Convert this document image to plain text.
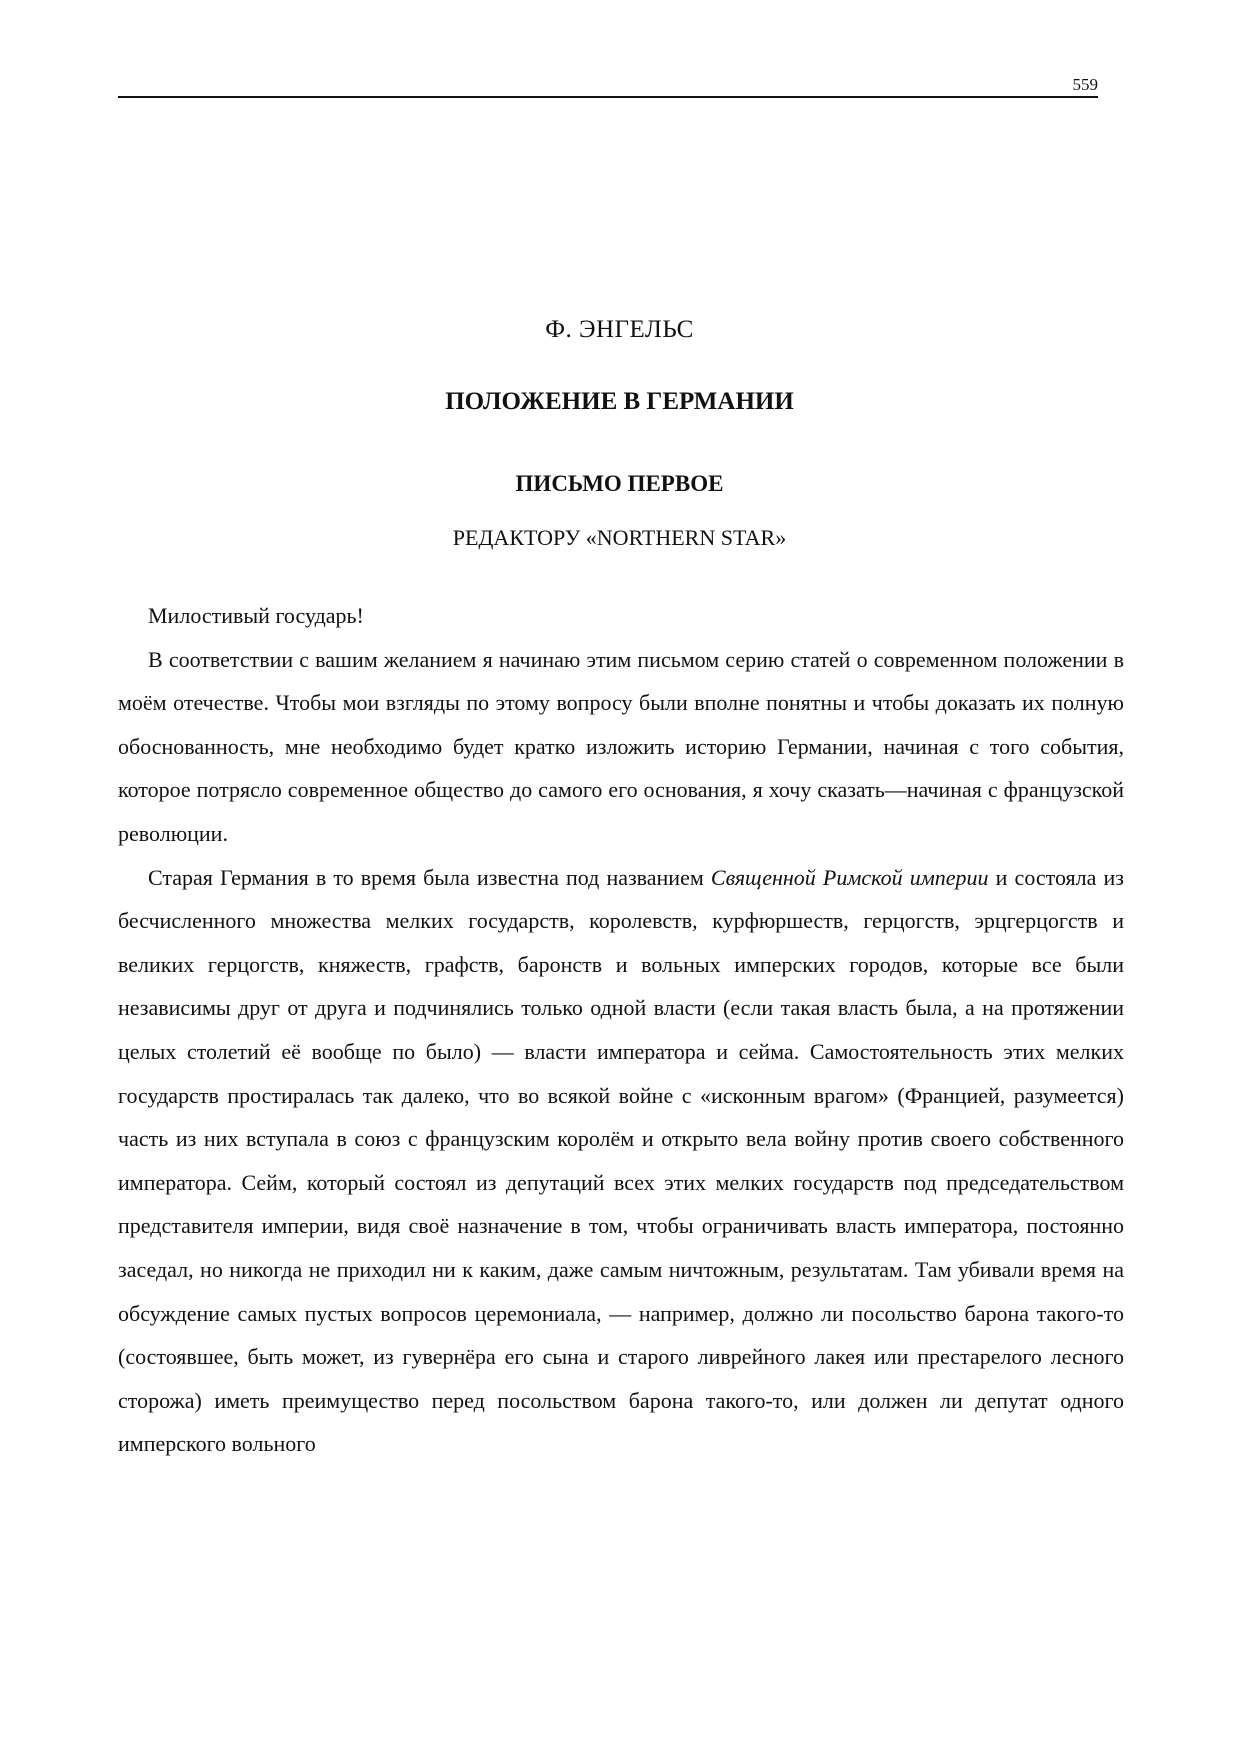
559
Ф. ЭНГЕЛЬС
ПОЛОЖЕНИЕ В ГЕРМАНИИ
ПИСЬМО ПЕРВОЕ
РЕДАКТОРУ «NORTHERN STAR»

Милостивый государь!

В соответствии с вашим желанием я начинаю этим письмом серию статей о современном положении в моём отечестве. Чтобы мои взгляды по этому вопросу были вполне понятны и чтобы доказать их полную обоснованность, мне необходимо будет кратко изложить историю Германии, начиная с того события, которое потрясло современное общество до самого его основания, я хочу сказать—начиная с французской революции.

Старая Германия в то время была известна под названием Священной Римской империи и состояла из бесчисленного множества мелких государств, королевств, курфюршеств, герцогств, эрцгерцогств и великих герцогств, княжеств, графств, баронств и вольных имперских городов, которые все были независимы друг от друга и подчинялись только одной власти (если такая власть была, а на протяжении целых столетий её вообще по было) — власти императора и сейма. Самостоятельность этих мелких государств простиралась так далеко, что во всякой войне с «исконным врагом» (Францией, разумеется) часть из них вступала в союз с французским королём и открыто вела войну против своего собственного императора. Сейм, который состоял из депутаций всех этих мелких государств под председательством представителя империи, видя своё назначение в том, чтобы ограничивать власть императора, постоянно заседал, но никогда не приходил ни к каким, даже самым ничтожным, результатам. Там убивали время на обсуждение самых пустых вопросов церемониала, — например, должно ли посольство барона такого-то (состоявшее, быть может, из гувернёра его сына и старого ливрейного лакея или престарелого лесного сторожа) иметь преимущество перед посольством барона такого-то, или должен ли депутат одного имперского вольного
